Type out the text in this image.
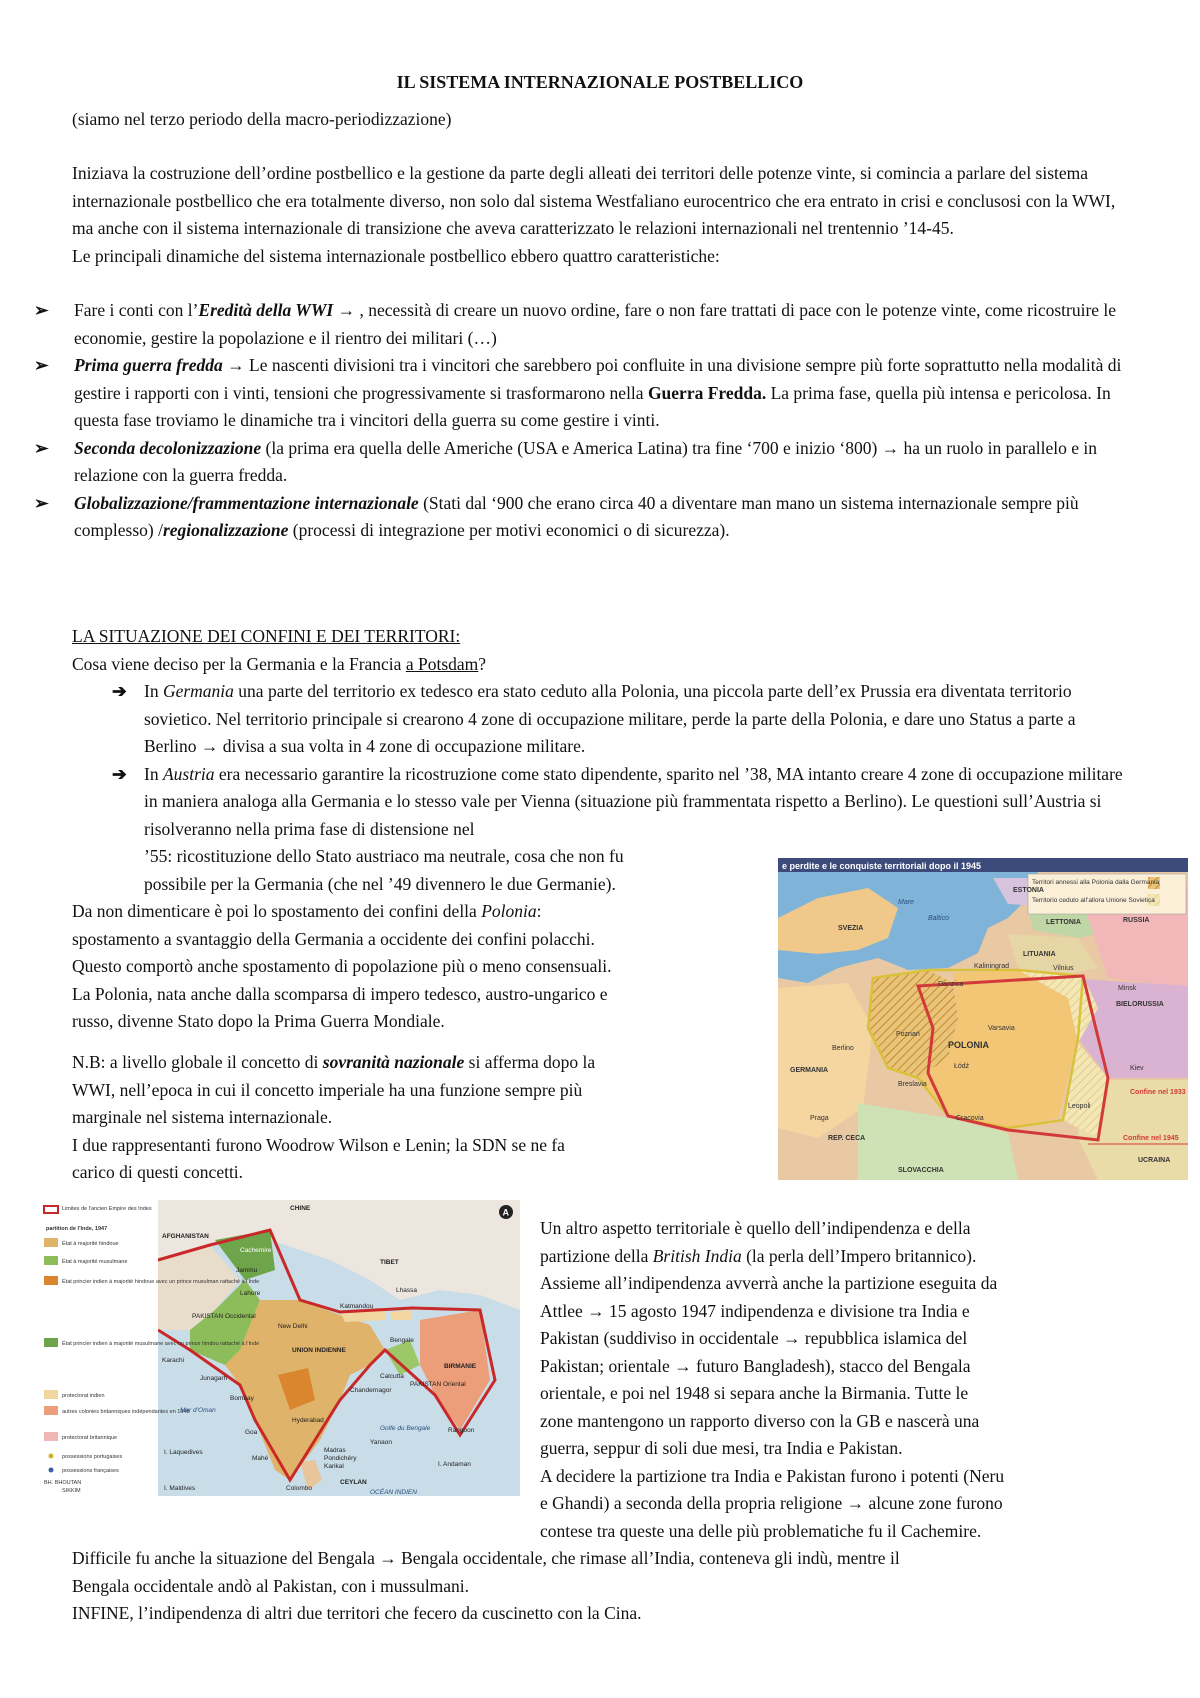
IL SISTEMA INTERNAZIONALE POSTBELLICO

(siamo nel terzo periodo della macro-periodizzazione)

Iniziava la costruzione dell’ordine postbellico e la gestione da parte degli alleati dei territori delle potenze vinte, si comincia a parlare del sistema internazionale postbellico che era totalmente diverso, non solo dal sistema Westfaliano eurocentrico che era entrato in crisi e conclusosi con la WWI, ma anche con il sistema internazionale di transizione che aveva caratterizzato le relazioni internazionali nel trentennio ’14-45.

Le principali dinamiche del sistema internazionale postbellico ebbero quattro caratteristiche:

➢ Fare i conti con l’Eredità della WWI → , necessità di creare un nuovo ordine, fare o non fare trattati di pace con le potenze vinte, come ricostruire le economie, gestire la popolazione e il rientro dei militari (…)
➢ Prima guerra fredda → Le nascenti divisioni tra i vincitori che sarebbero poi confluite in una divisione sempre più forte soprattutto nella modalità di gestire i rapporti con i vinti, tensioni che progressivamente si trasformarono nella Guerra Fredda. La prima fase, quella più intensa e pericolosa. In questa fase troviamo le dinamiche tra i vincitori della guerra su come gestire i vinti.
➢ Seconda decolonizzazione (la prima era quella delle Americhe (USA e America Latina) tra fine ‘700 e inizio ‘800) → ha un ruolo in parallelo e in relazione con la guerra fredda.
➢ Globalizzazione/frammentazione internazionale (Stati dal ‘900 che erano circa 40 a diventare man mano un sistema internazionale sempre più complesso) /regionalizzazione (processi di integrazione per motivi economici o di sicurezza).

LA SITUAZIONE DEI CONFINI E DEI TERRITORI:

Cosa viene deciso per la Germania e la Francia a Potsdam?

➔ In Germania una parte del territorio ex tedesco era stato ceduto alla Polonia, una piccola parte dell’ex Prussia era diventata territorio sovietico. Nel territorio principale si crearono 4 zone di occupazione militare, perde la parte della Polonia, e dare uno Status a parte a Berlino → divisa a sua volta in 4 zone di occupazione militare.
➔ In Austria era necessario garantire la ricostruzione come stato dipendente, sparito nel ’38, MA intanto creare 4 zone di occupazione militare in maniera analoga alla Germania e lo stesso vale per Vienna (situazione più frammentata rispetto a Berlino). Le questioni sull’Austria si risolveranno nella prima fase di distensione nel
’55: ricostituzione dello Stato austriaco ma neutrale, cosa che non fu
possibile per la Germania (che nel ’49 divennero le due Germanie).

Da non dimenticare è poi lo spostamento dei confini della Polonia:

spostamento a svantaggio della Germania a occidente dei confini polacchi.

Questo comportò anche spostamento di popolazione più o meno consensuali.

La Polonia, nata anche dalla scomparsa di impero tedesco, austro-ungarico e

russo, divenne Stato dopo la Prima Guerra Mondiale.

N.B: a livello globale il concetto di sovranità nazionale si afferma dopo la

WWI, nell’epoca in cui il concetto imperiale ha una funzione sempre più

marginale nel sistema internazionale.

I due rappresentanti furono Woodrow Wilson e Lenin; la SDN se ne fa

carico di questi concetti.

e perdite e le conquiste territoriali dopo il 1945
Territori annessi alla Polonia dalla Germania
Territorio ceduto all’allora Unione Sovietica
Mare
Baltico
SVEZIA
ESTONIA
LETTONIA	RUSSIA
LITUANIA
Kaliningrad	Vilnius
Minsk
BIELORUSSIA
Berlino
GERMANIA
POLONIA
Varsavia
Danzica
Poznań
Łódź
Breslavia
Cracovia
Leopoli
Kiev
UCRAINA
REP. CECA
SLOVACCHIA
Praga
Confine nel 1933
Confine nel 1945
Limites de l’ancien Empire des Indes
partition de l’Inde, 1947
État à majorité hindoue
État à majorité musulmane
État princier indien à majorité hindoue avec un prince musulman rattaché à l’Inde
État princier indien à majorité musulmane avec un prince hindou rattaché à l’Inde
protectorat indien
autres colonies britanniques indépendantes en 1948
protectorat britannique
possessions portugaises
possessions françaises
BH. BHOUTAN
SIKKIM
A
AFGHANISTAN
CHINE
Cachemire
TIBET
PAKISTAN Occidental
Lahore
New Delhi
Katmandou
Lhassa
Karachi
UNION INDIENNE
Bengale
Calcutta
PAKISTAN Oriental
BIRMANIE
Bombay
Hyderabad
Goa
Golfe du Bengale
Mer d’Oman
Madras
Pondichéry
Colombo
CEYLAN
OCÉAN INDIEN
Rangoon
I. Laquedives
I. Maldives
I. Andaman
Mahé
Karikal
Yanaon
Chandernagor
Junagarh
Jammu

Un altro aspetto territoriale è quello dell’indipendenza e della

partizione della British India (la perla dell’Impero britannico).

Assieme all’indipendenza avverrà anche la partizione eseguita da

Attlee → 15 agosto 1947 indipendenza e divisione tra India e

Pakistan (suddiviso in occidentale → repubblica islamica del

Pakistan; orientale → futuro Bangladesh), stacco del Bengala

orientale, e poi nel 1948 si separa anche la Birmania. Tutte le

zone mantengono un rapporto diverso con la GB e nascerà una

guerra, seppur di soli due mesi, tra India e Pakistan.

A decidere la partizione tra India e Pakistan furono i potenti (Neru

e Ghandi) a seconda della propria religione → alcune zone furono

contese tra queste una delle più problematiche fu il Cachemire.

Difficile fu anche la situazione del Bengala → Bengala occidentale, che rimase all’India, conteneva gli indù, mentre il

Bengala occidentale andò al Pakistan, con i mussulmani.

INFINE, l’indipendenza di altri due territori che fecero da cuscinetto con la Cina.
